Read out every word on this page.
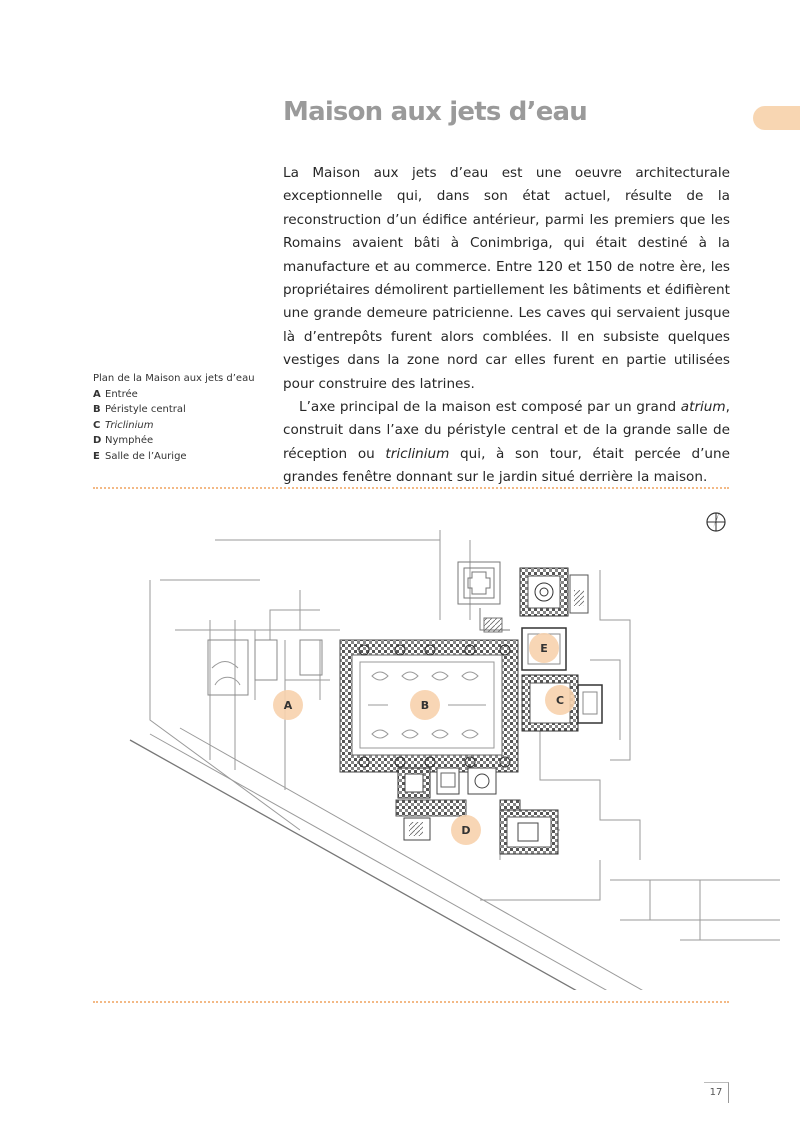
Maison aux jets d’eau

La Maison aux jets d’eau est une oeuvre architecturale exceptionnelle qui, dans son état actuel, résulte de la reconstruction d’un édifice antérieur, parmi les premiers que les Romains avaient bâti à Conimbriga, qui était destiné à la manufacture et au commerce. Entre 120 et 150 de notre ère, les propriétaires démolirent partiellement les bâtiments et édifièrent une grande demeure patricienne. Les caves qui servaient jusque là d’entrepôts furent alors comblées. Il en subsiste quelques vestiges dans la zone nord car elles furent en partie utilisées pour construire des latrines.

L’axe principal de la maison est composé par un grand atrium, construit dans l’axe du péristyle central et de la grande salle de réception ou triclinium qui, à son tour, était percée d’une grandes fenêtre donnant sur le jardin situé derrière la maison.

Plan de la Maison aux jets d’eau
A Entrée
B Péristyle central
C Triclinium
D Nymphée
E Salle de l’Aurige
A	B	C
D
E
17
